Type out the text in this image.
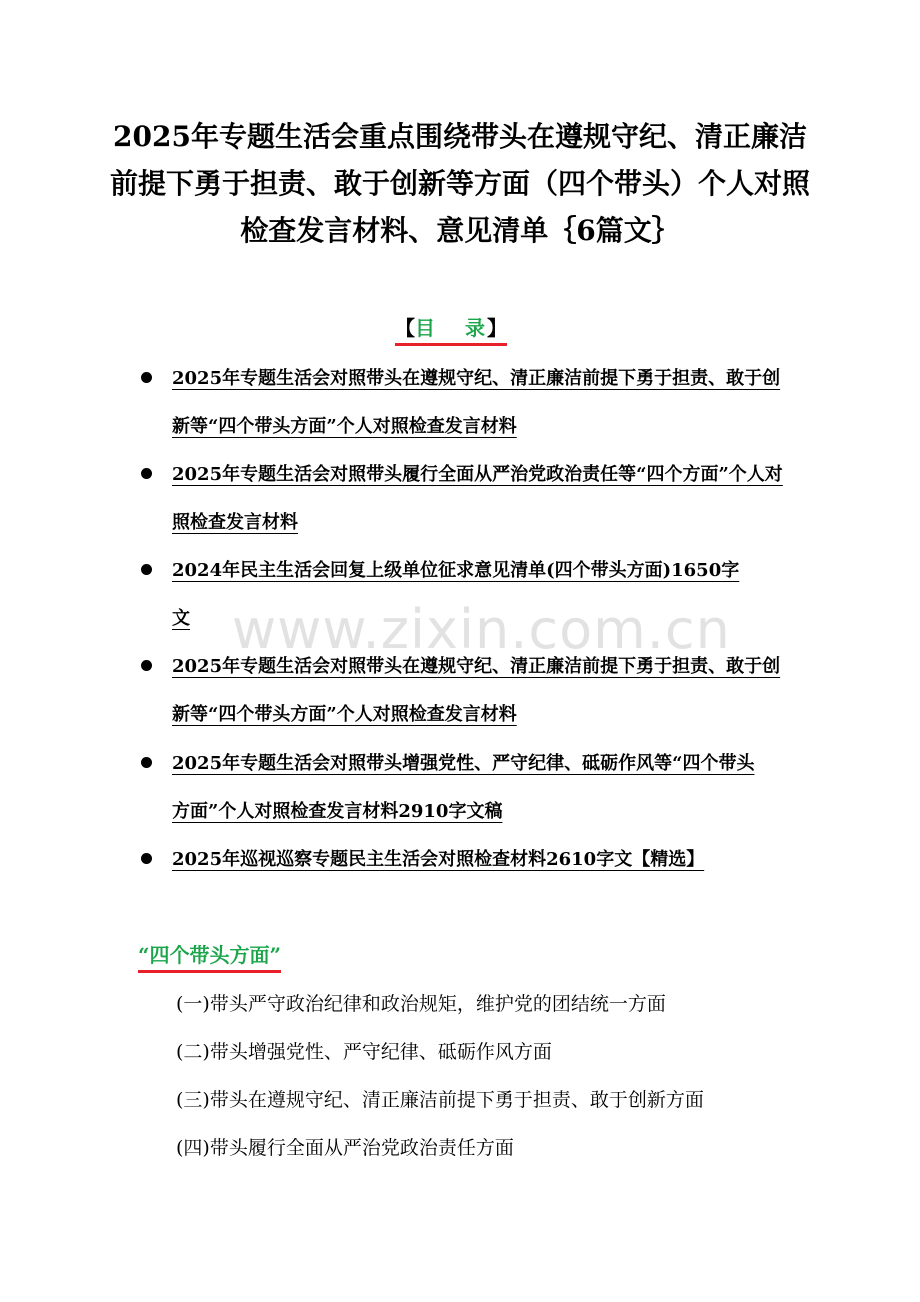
2025年专题生活会重点围绕带头在遵规守纪、清正廉洁前提下勇于担责、敢于创新等方面（四个带头）个人对照检查发言材料、意见清单｛6篇文｝
【目 录】
2025年专题生活会对照带头在遵规守纪、清正廉洁前提下勇于担责、敢于创新等“四个带头方面”个人对照检查发言材料
2025年专题生活会对照带头履行全面从严治党政治责任等“四个方面”个人对照检查发言材料
2024年民主生活会回复上级单位征求意见清单(四个带头方面)1650字文
2025年专题生活会对照带头在遵规守纪、清正廉洁前提下勇于担责、敢于创新等“四个带头方面”个人对照检查发言材料
2025年专题生活会对照带头增强党性、严守纪律、砥砺作风等“四个带头方面”个人对照检查发言材料2910字文稿
2025年巡视巡察专题民主生活会对照检查材料2610字文【精选】
www.zixin.com.cn
“四个带头方面”
(一)带头严守政治纪律和政治规矩，维护党的团结统一方面
(二)带头增强党性、严守纪律、砥砺作风方面
(三)带头在遵规守纪、清正廉洁前提下勇于担责、敢于创新方面
(四)带头履行全面从严治党政治责任方面
